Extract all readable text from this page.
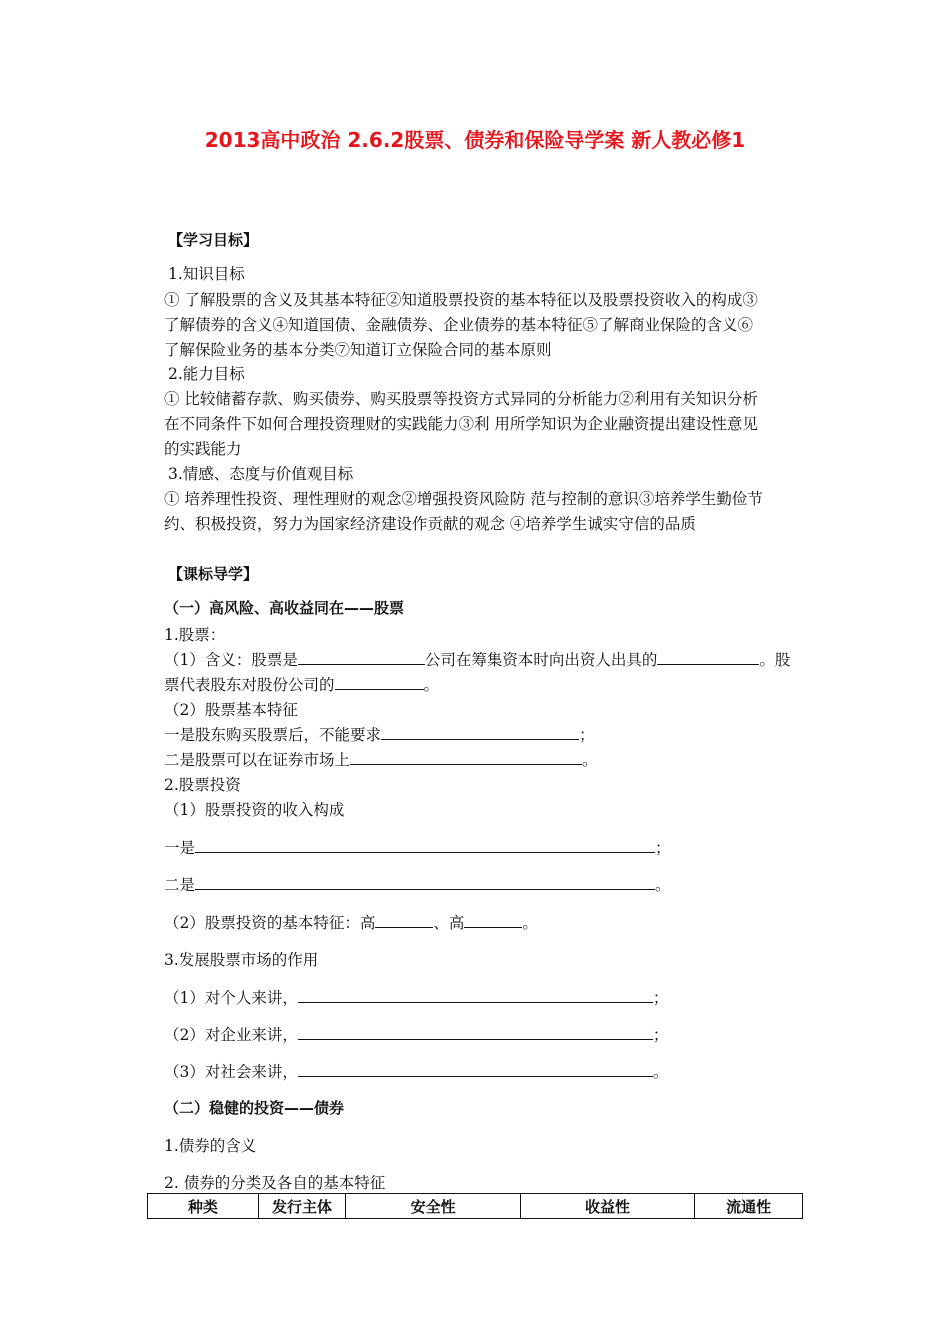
2013高中政治 2.6.2股票、债券和保险导学案 新人教必修1
【学习目标】
1.知识目标
① 了解股票的含义及其基本特征②知道股票投资的基本特征以及股票投资收入的构成③
了解债券的含义④知道国债、金融债券、企业债券的基本特征⑤了解商业保险的含义⑥
了解保险业务的基本分类⑦知道订立保险合同的基本原则
2.能力目标
① 比较储蓄存款、购买债券、购买股票等投资方式异同的分析能力②利用有关知识分析
在不同条件下如何合理投资理财的实践能力③利 用所学知识为企业融资提出建设性意见
的实践能力
3.情感、态度与价值观目标
① 培养理性投资、理性理财的观念②增强投资风险防 范与控制的意识③培养学生勤俭节
约、积极投资，努力为国家经济建设作贡献的观念 ④培养学生诚实守信的品质
【课标导学】
（一）高风险、高收益同在——股票
1.股票：
（1）含义：股票是	公司在筹集资本时向出资人出具的	。股
票代表股东对股份公司的	。
（2）股票基本特征
一是股东购买股票后，不能要求	；
二是股票可以在证券市场上	。
2.股票投资
（1）股票投资的收入构成
一是	；
二是	。
（2）股票投资的基本特征：高	、高	。
3.发展股票市场的作用
（1）对个人来讲，	；
（2）对企业来讲，	；
（3）对社会来讲，	。
（二）稳健的投资——债券
1.债券的含义
2. 债券的分类及各自的基本特征
种类	发行主体	安全性	收益性	流通性
